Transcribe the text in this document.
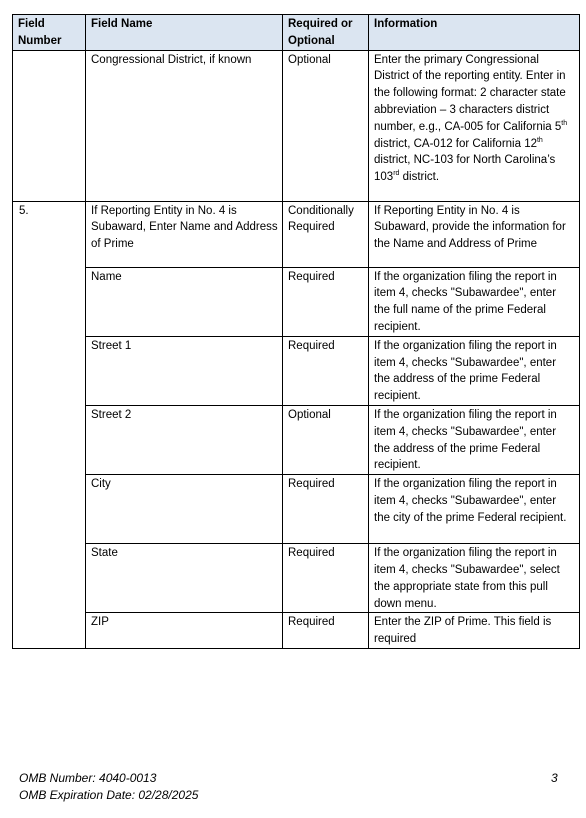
Field Number	Field Name	Required or Optional	Information
	Congressional District, if known	Optional	Enter the primary Congressional District of the reporting entity. Enter in the following format: 2 character state abbreviation – 3 characters district number, e.g., CA-005 for California 5th district, CA-012 for California 12th district, NC-103 for North Carolina’s 103rd district.
5.	If Reporting Entity in No. 4 is Subaward, Enter Name and Address of Prime	Conditionally Required	If Reporting Entity in No. 4 is Subaward, provide the information for the Name and Address of Prime
	Name	Required	If the organization filing the report in item 4, checks "Subawardee", enter the full name of the prime Federal recipient.
	Street 1	Required	If the organization filing the report in item 4, checks "Subawardee", enter the address of the prime Federal recipient.
	Street 2	Optional	If the organization filing the report in item 4, checks "Subawardee", enter the address of the prime Federal recipient.
	City	Required	If the organization filing the report in item 4, checks "Subawardee", enter the city of the prime Federal recipient.
	State	Required	If the organization filing the report in item 4, checks "Subawardee", select the appropriate state from this pull down menu.
	ZIP	Required	Enter the ZIP of Prime. This field is required
OMB Number: 4040-0013
OMB Expiration Date: 02/28/2025
3
